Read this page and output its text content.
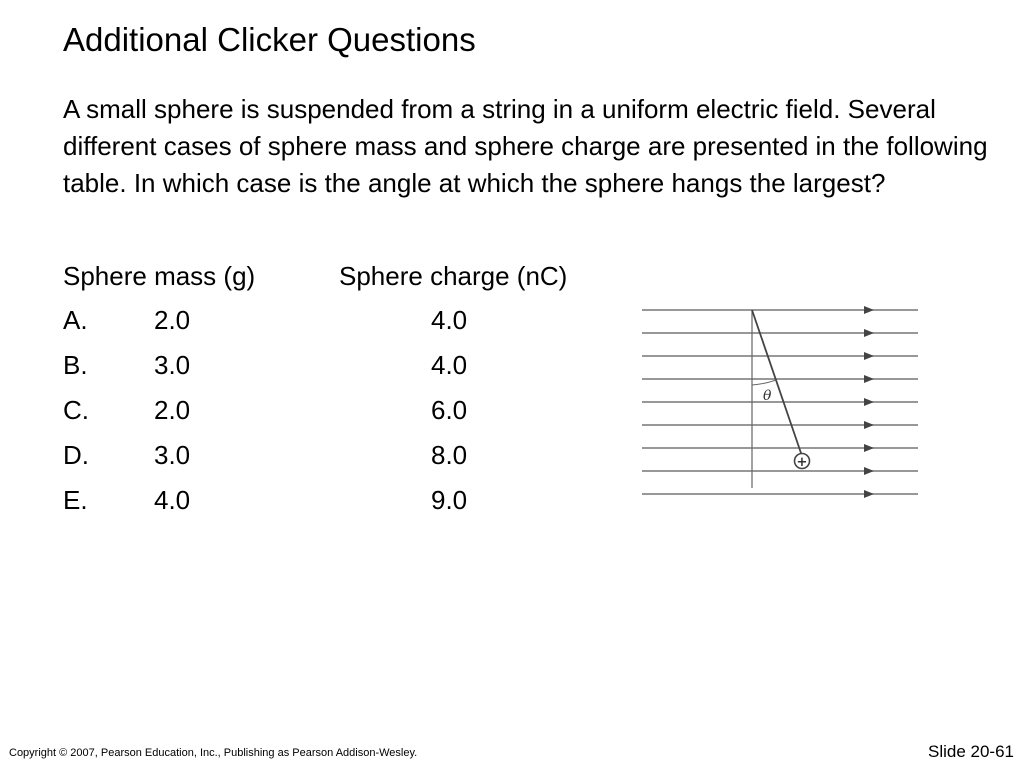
Additional Clicker Questions
A small sphere is suspended from a string in a uniform electric field. Several different cases of sphere mass and sphere charge are presented in the following table. In which case is the angle at which the sphere hangs the largest?
Sphere mass (g)	Sphere charge (nC)
A.	2.0	4.0
B.	3.0	4.0
C.	2.0	6.0
D.	3.0	8.0
E.	4.0	9.0
θ
+
Copyright © 2007, Pearson Education, Inc., Publishing as Pearson Addison-Wesley.	Slide 20-61
